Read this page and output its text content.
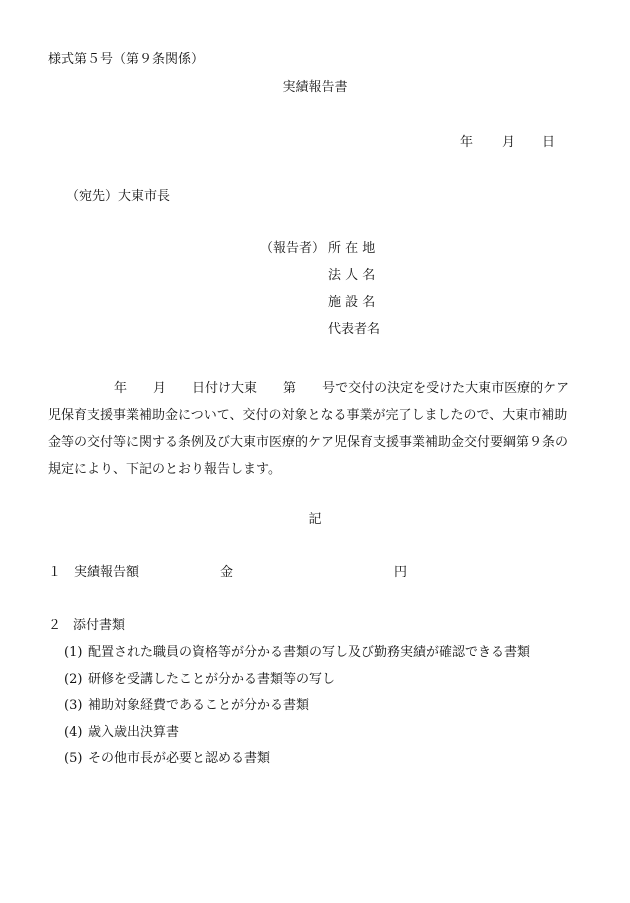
様式第５号（第９条関係）
実績報告書
年 月 日
（宛先）大東市長
（報告者） 所 在 地
法 人 名
施 設 名
代表者名
年 月 日付け大東 第 号で交付の決定を受けた大東市医療的ケア
児保育支援事業補助金について、交付の対象となる事業が完了しましたので、大東市補助
金等の交付等に関する条例及び大東市医療的ケア児保育支援事業補助金交付要綱第９条の
規定により、下記のとおり報告します。
記
１ 実績報告額	金	円
２ 添付書類
(1) 配置された職員の資格等が分かる書類の写し及び勤務実績が確認できる書類
(2) 研修を受講したことが分かる書類等の写し
(3) 補助対象経費であることが分かる書類
(4) 歳入歳出決算書
(5) その他市長が必要と認める書類
